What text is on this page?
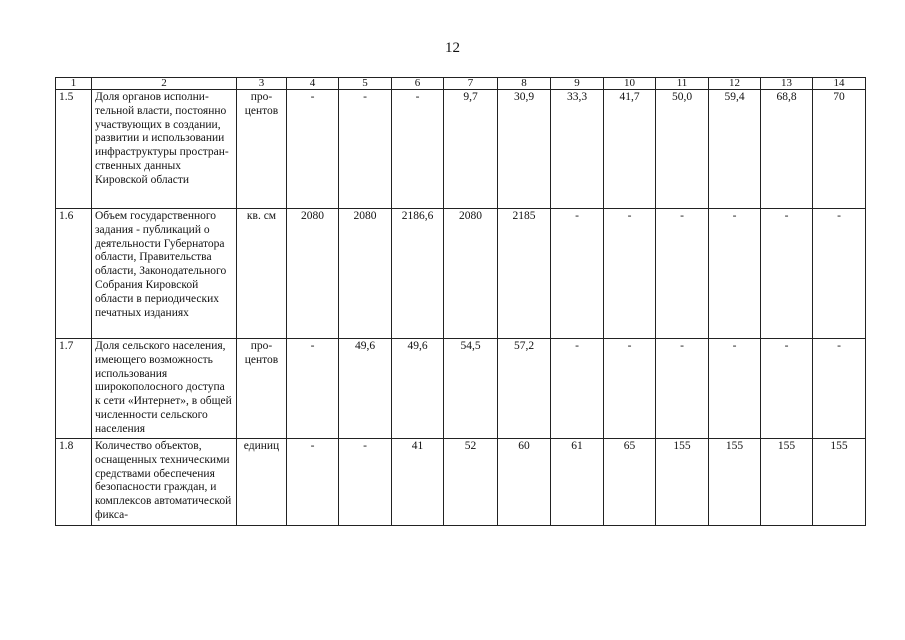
12
1	2	3	4	5	6	7	8	9	10	11	12	13	14
1.5	Доля органов исполнительной власти, постоянно участвующих в создании, развитии и использовании инфраструктуры пространственных данных Кировской области	процентов	-	-	-	9,7	30,9	33,3	41,7	50,0	59,4	68,8	70
1.6	Объем государственного задания - публикаций о деятельности Губернатора области, Правительства области, Законодательного Собрания Кировской области в периодических печатных изданиях	кв. см	2080	2080	2186,6	2080	2185	-	-	-	-	-	-
1.7	Доля сельского населения, имеющего возможность использования широкополосного доступа к сети «Интернет», в общей численности сельского населения	процентов	-	49,6	49,6	54,5	57,2	-	-	-	-	-	-
1.8	Количество объектов, оснащенных техническими средствами обеспечения безопасности граждан, и комплексов автоматической фикса-	единиц	-	-	41	52	60	61	65	155	155	155	155
